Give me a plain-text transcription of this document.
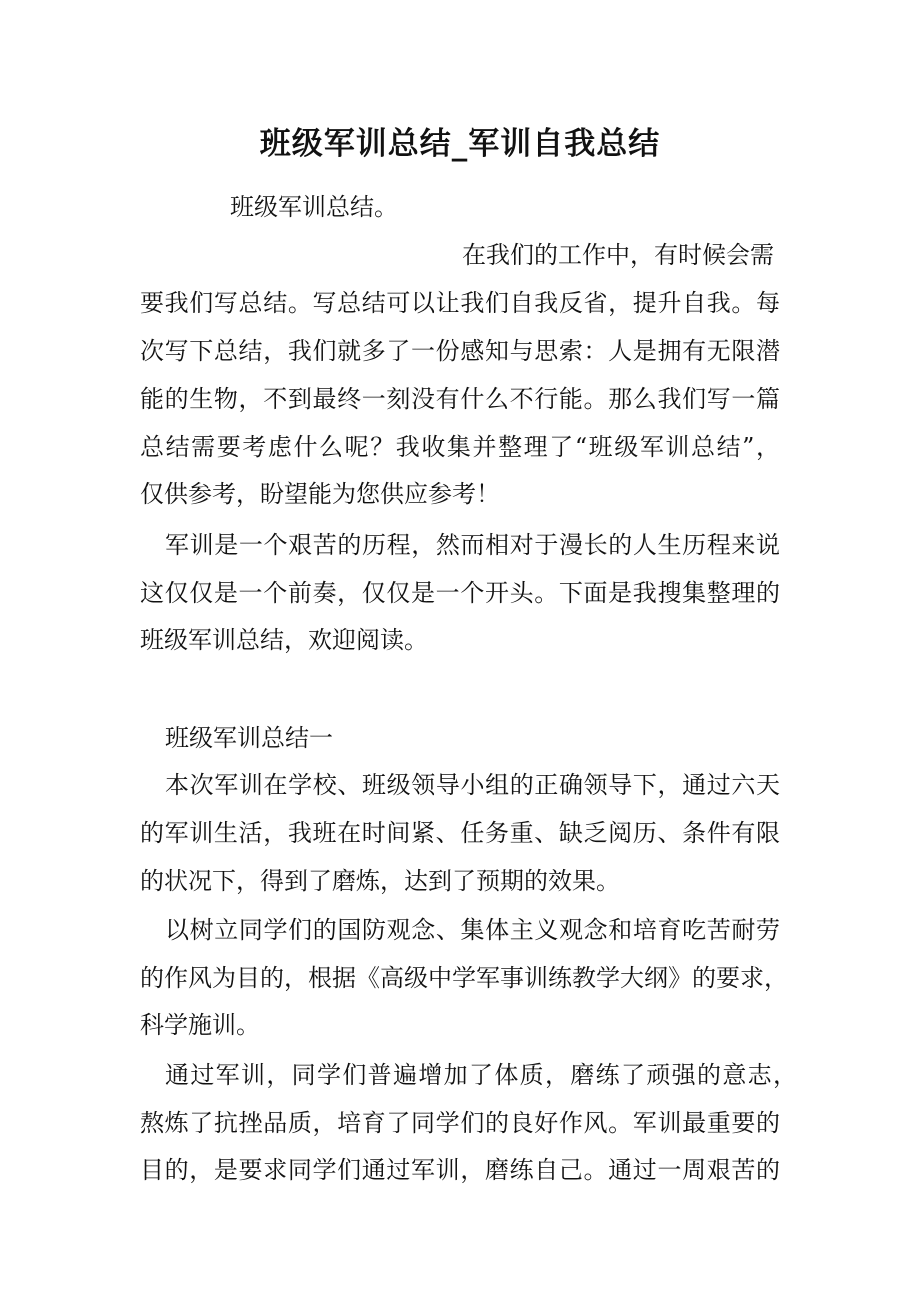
班级军训总结_军训自我总结
班级军训总结。
在我们的工作中，有时候会需
要我们写总结。写总结可以让我们自我反省，提升自我。每
次写下总结，我们就多了一份感知与思索：人是拥有无限潜
能的生物，不到最终一刻没有什么不行能。那么我们写一篇
总结需要考虑什么呢？我收集并整理了“班级军训总结”，
仅供参考，盼望能为您供应参考！
军训是一个艰苦的历程，然而相对于漫长的人生历程来说
这仅仅是一个前奏，仅仅是一个开头。下面是我搜集整理的
班级军训总结，欢迎阅读。
班级军训总结一
本次军训在学校、班级领导小组的正确领导下，通过六天
的军训生活，我班在时间紧、任务重、缺乏阅历、条件有限
的状况下，得到了磨炼，达到了预期的效果。
以树立同学们的国防观念、集体主义观念和培育吃苦耐劳
的作风为目的，根据《高级中学军事训练教学大纲》的要求，
科学施训。
通过军训，同学们普遍增加了体质，磨练了顽强的意志，
熬炼了抗挫品质，培育了同学们的良好作风。军训最重要的
目的，是要求同学们通过军训，磨练自己。通过一周艰苦的
